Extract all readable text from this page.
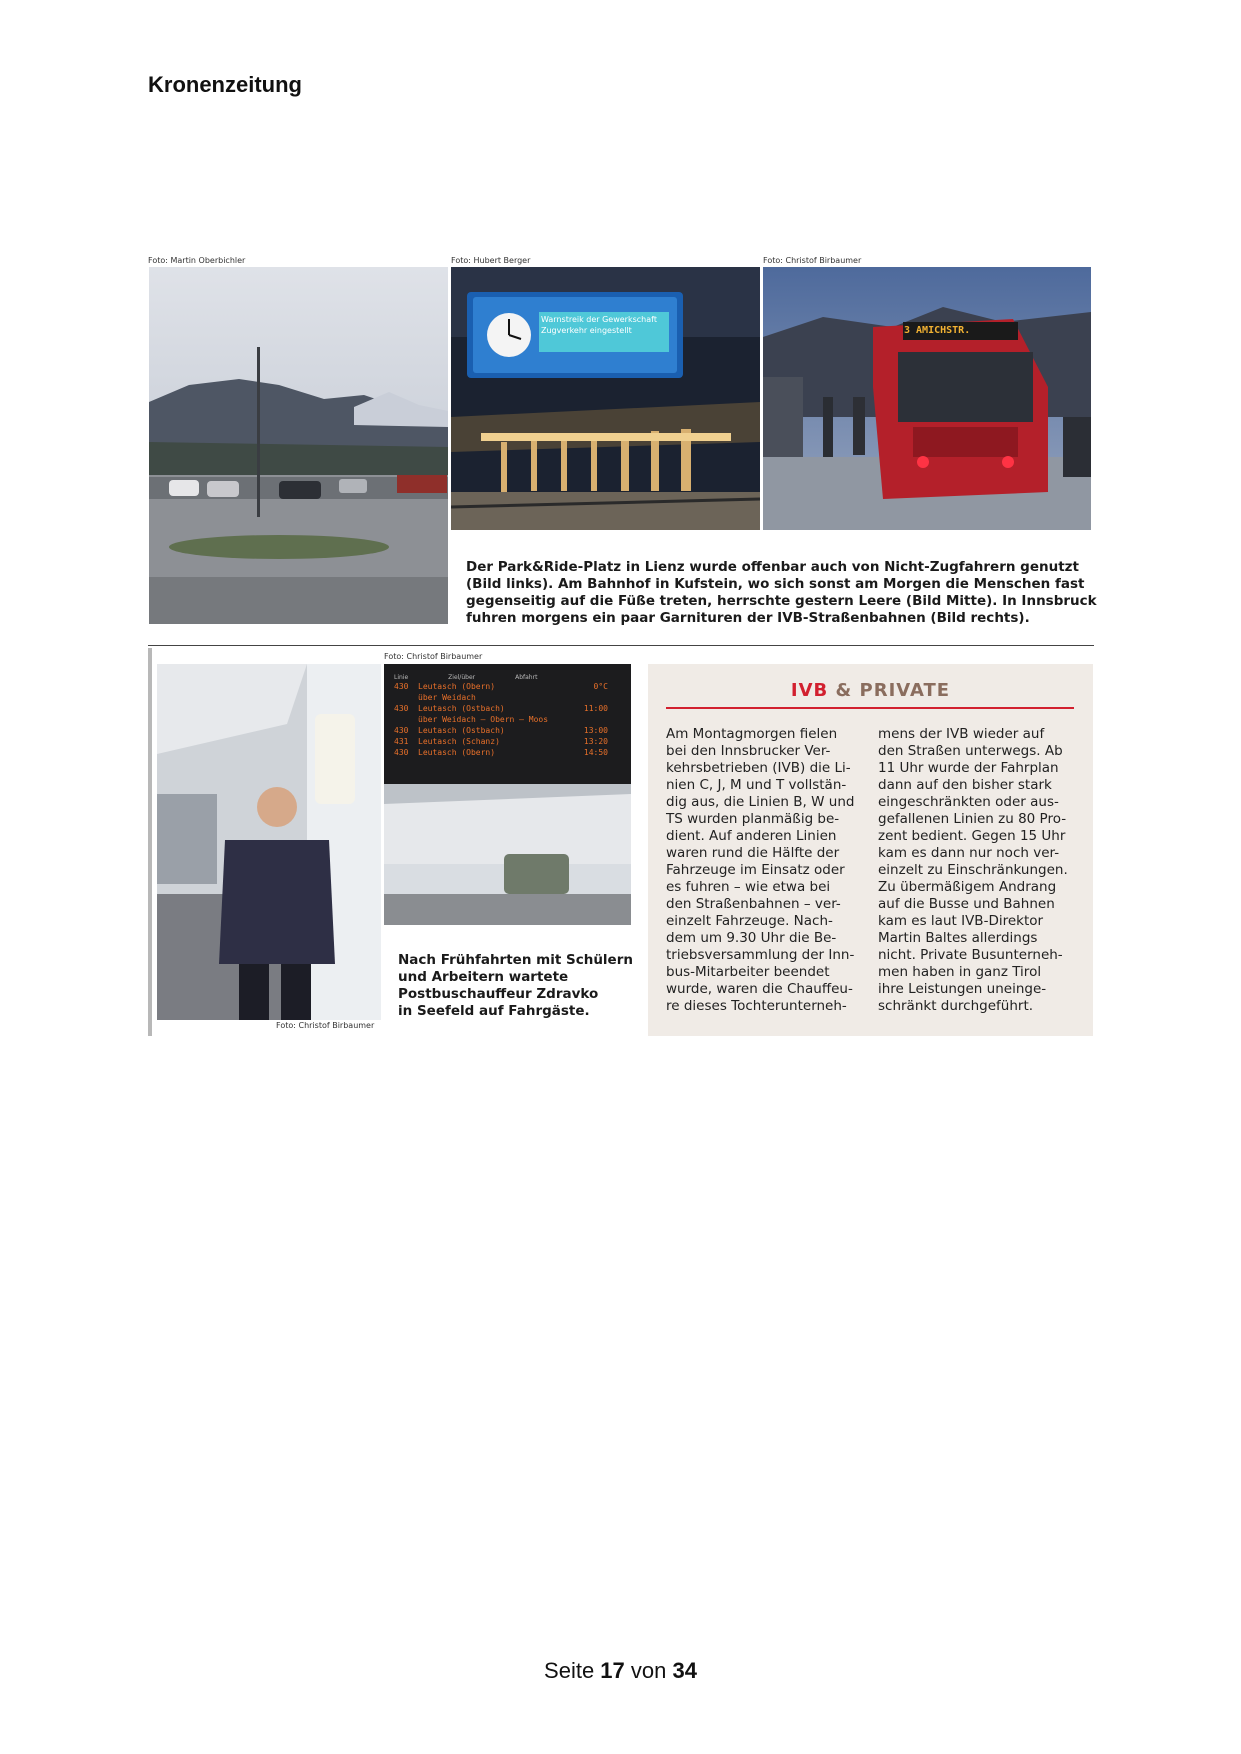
Kronenzeitung
Foto: Martin Oberbichler	Foto: Hubert Berger	Foto: Christof Birbaumer
3 AMICHSTR.
Der Park&Ride-Platz in Lienz wurde offenbar auch von Nicht-Zugfahrern genutzt
(Bild links). Am Bahnhof in Kufstein, wo sich sonst am Morgen die Menschen fast
gegenseitig auf die Füße treten, herrschte gestern Leere (Bild Mitte). In Innsbruck
fuhren morgens ein paar Garnituren der IVB-Straßenbahnen (Bild rechts).
Foto: Christof Birbaumer
Foto: Christof Birbaumer
Linie	Ziel/über	Abfahrt
430	Leutasch (Obern)	0°C
über Weidach
430	Leutasch (Ostbach)	11:00
über Weidach – Obern – Moos
430	Leutasch (Ostbach)	13:00
431	Leutasch (Schanz)	13:20
430	Leutasch (Obern)	14:50
Nach Frühfahrten mit Schülern
und Arbeitern wartete
Postbuschauffeur Zdravko
in Seefeld auf Fahrgäste.
IVB & PRIVATE
Am Montagmorgen fielen
bei den Innsbrucker Ver-
kehrsbetrieben (IVB) die Li-
nien C, J, M und T vollstän-
dig aus, die Linien B, W und
TS wurden planmäßig be-
dient. Auf anderen Linien
waren rund die Hälfte der
Fahrzeuge im Einsatz oder
es fuhren – wie etwa bei
den Straßenbahnen – ver-
einzelt Fahrzeuge. Nach-
dem um 9.30 Uhr die Be-
triebsversammlung der Inn-
bus-Mitarbeiter beendet
wurde, waren die Chauffeu-
re dieses Tochterunterneh-
mens der IVB wieder auf
den Straßen unterwegs. Ab
11 Uhr wurde der Fahrplan
dann auf den bisher stark
eingeschränkten oder aus-
gefallenen Linien zu 80 Pro-
zent bedient. Gegen 15 Uhr
kam es dann nur noch ver-
einzelt zu Einschränkungen.
Zu übermäßigem Andrang
auf die Busse und Bahnen
kam es laut IVB-Direktor
Martin Baltes allerdings
nicht. Private Busunterneh-
men haben in ganz Tirol
ihre Leistungen uneinge-
schränkt durchgeführt.
Seite 17 von 34
Warnstreik der Gewerkschaft
Zugverkehr eingestellt
